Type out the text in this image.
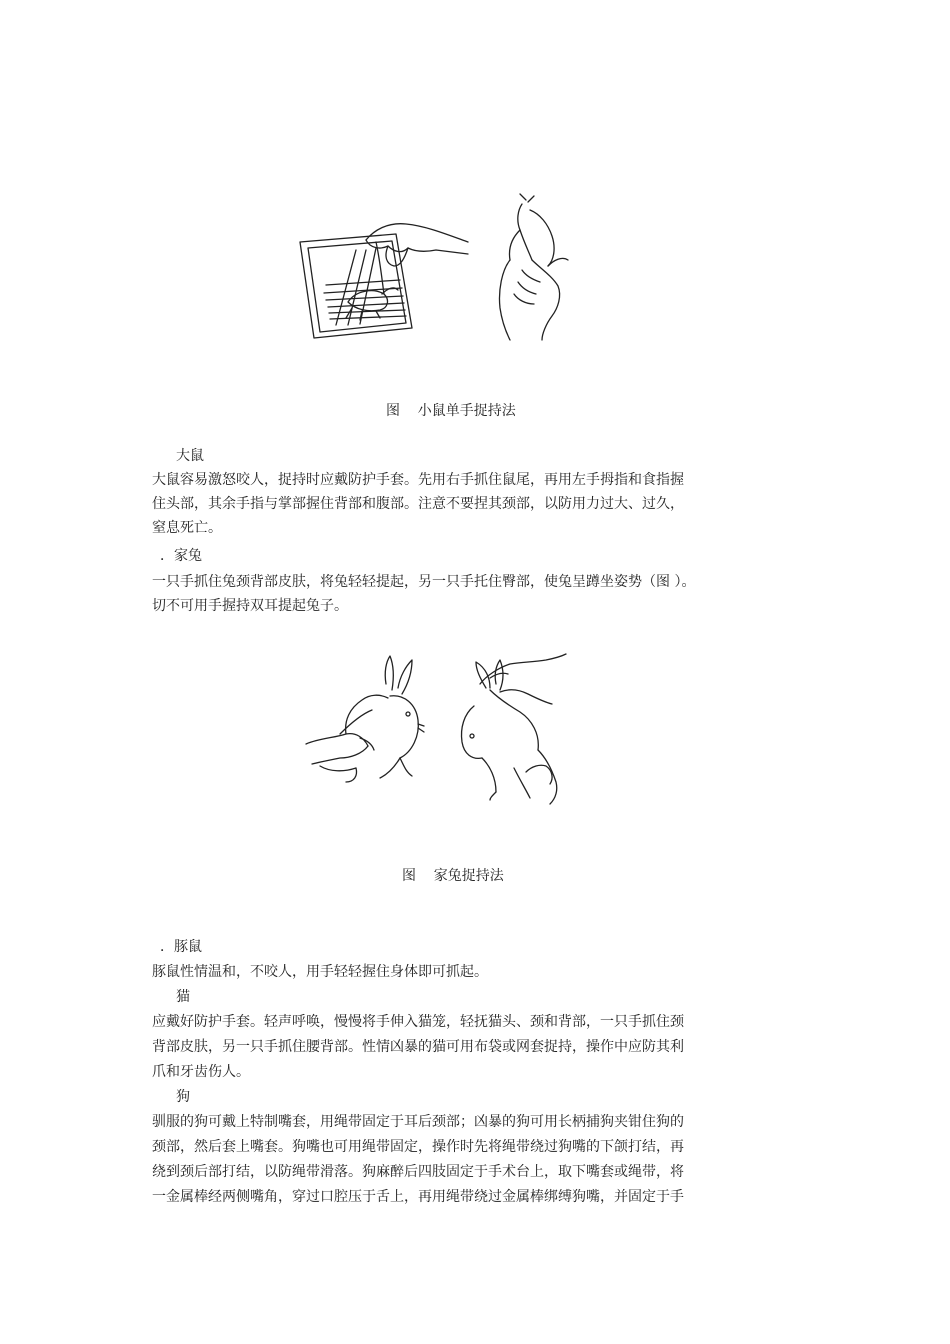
图    小鼠单手捉持法
大鼠
大鼠容易激怒咬人，捉持时应戴防护手套。先用右手抓住鼠尾，再用左手拇指和食指握
住头部，其余手指与掌部握住背部和腹部。注意不要捏其颈部，以防用力过大、过久，
窒息死亡。
．家兔
一只手抓住兔颈背部皮肤，将兔轻轻提起，另一只手托住臀部，使兔呈蹲坐姿势（图 ）。
切不可用手握持双耳提起兔子。
图    家兔捉持法
．豚鼠
豚鼠性情温和，不咬人，用手轻轻握住身体即可抓起。
猫
应戴好防护手套。轻声呼唤，慢慢将手伸入猫笼，轻抚猫头、颈和背部，一只手抓住颈
背部皮肤，另一只手抓住腰背部。性情凶暴的猫可用布袋或网套捉持，操作中应防其利
爪和牙齿伤人。
狗
驯服的狗可戴上特制嘴套，用绳带固定于耳后颈部；凶暴的狗可用长柄捕狗夹钳住狗的
颈部，然后套上嘴套。狗嘴也可用绳带固定，操作时先将绳带绕过狗嘴的下颌打结，再
绕到颈后部打结，以防绳带滑落。狗麻醉后四肢固定于手术台上，取下嘴套或绳带，将
一金属棒经两侧嘴角，穿过口腔压于舌上，再用绳带绕过金属棒绑缚狗嘴，并固定于手
